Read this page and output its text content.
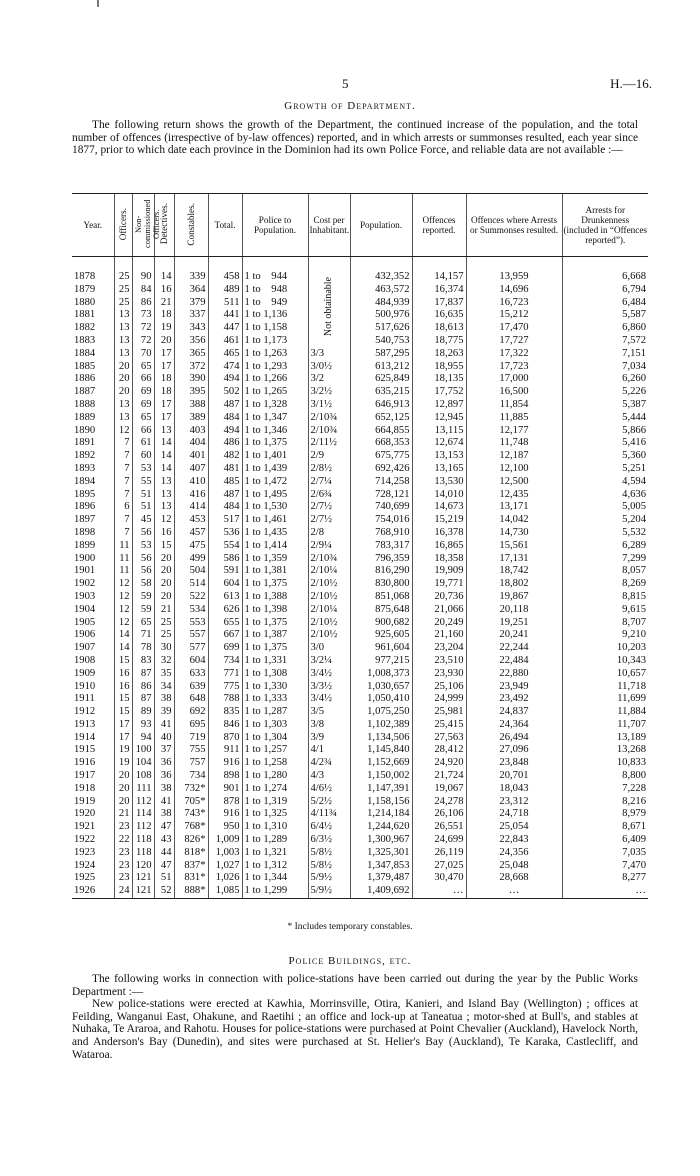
5	H.—16.
Growth of Department.

The following return shows the growth of the Department, the continued increase of the population, and the total number of offences (irrespective of by-law offences) reported, and in which arrests or summonses resulted, each year since 1877, prior to which date each province in the Dominion had its own Police Force, and reliable data are not available :—

Year.	Officers.	Non-commissioned Officers.	Detectives.	Constables.	Total.	Police to Population.	Cost per Inhabitant.	Population.	Offences reported.	Offences where Arrests or Summonses resulted.	Arrests for Drunkenness (included in “Offences reported”).

1878	25	90	14	339	458	1 to    944	Not obtainable	432,352	14,157	13,959	6,668
1879	25	84	16	364	489	1 to    948		463,572	16,374	14,696	6,794
1880	25	86	21	379	511	1 to    949		484,939	17,837	16,723	6,484
1881	13	73	18	337	441	1 to 1,136		500,976	16,635	15,212	5,587
1882	13	72	19	343	447	1 to 1,158		517,626	18,613	17,470	6,860
1883	13	72	20	356	461	1 to 1,173		540,753	18,775	17,727	7,572
1884	13	70	17	365	465	1 to 1,263	3/3	587,295	18,263	17,322	7,151
1885	20	65	17	372	474	1 to 1,293	3/0½	613,212	18,955	17,723	7,034
1886	20	66	18	390	494	1 to 1,266	3/2	625,849	18,135	17,000	6,260
1887	20	69	18	395	502	1 to 1,265	3/2½	635,215	17,752	16,500	5,226
1888	13	69	17	388	487	1 to 1,328	3/1½	646,913	12,897	11,854	5,387
1889	13	65	17	389	484	1 to 1,347	2/10¾	652,125	12,945	11,885	5,444
1890	12	66	13	403	494	1 to 1,346	2/10¾	664,855	13,115	12,177	5,866
1891	7	61	14	404	486	1 to 1,375	2/11½	668,353	12,674	11,748	5,416
1892	7	60	14	401	482	1 to 1,401	2/9	675,775	13,153	12,187	5,360
1893	7	53	14	407	481	1 to 1,439	2/8½	692,426	13,165	12,100	5,251
1894	7	55	13	410	485	1 to 1,472	2/7¼	714,258	13,530	12,500	4,594
1895	7	51	13	416	487	1 to 1,495	2/6¾	728,121	14,010	12,435	4,636
1896	6	51	13	414	484	1 to 1,530	2/7½	740,699	14,673	13,171	5,005
1897	7	45	12	453	517	1 to 1,461	2/7½	754,016	15,219	14,042	5,204
1898	7	56	16	457	536	1 to 1,435	2/8	768,910	16,378	14,730	5,532
1899	11	53	15	475	554	1 to 1,414	2/9¼	783,317	16,865	15,561	6,289
1900	11	56	20	499	586	1 to 1,359	2/10¾	796,359	18,358	17,131	7,299
1901	11	56	20	504	591	1 to 1,381	2/10¼	816,290	19,909	18,742	8,057
1902	12	58	20	514	604	1 to 1,375	2/10½	830,800	19,771	18,802	8,269
1903	12	59	20	522	613	1 to 1,388	2/10½	851,068	20,736	19,867	8,815
1904	12	59	21	534	626	1 to 1,398	2/10¼	875,648	21,066	20,118	9,615
1905	12	65	25	553	655	1 to 1,375	2/10½	900,682	20,249	19,251	8,707
1906	14	71	25	557	667	1 to 1,387	2/10½	925,605	21,160	20,241	9,210
1907	14	78	30	577	699	1 to 1,375	3/0	961,604	23,204	22,244	10,203
1908	15	83	32	604	734	1 to 1,331	3/2¼	977,215	23,510	22,484	10,343
1909	16	87	35	633	771	1 to 1,308	3/4½	1,008,373	23,930	22,880	10,657
1910	16	86	34	639	775	1 to 1,330	3/3½	1,030,657	25,106	23,949	11,718
1911	15	87	38	648	788	1 to 1,333	3/4½	1,050,410	24,999	23,492	11,699
1912	15	89	39	692	835	1 to 1,287	3/5	1,075,250	25,981	24,837	11,884
1913	17	93	41	695	846	1 to 1,303	3/8	1,102,389	25,415	24,364	11,707
1914	17	94	40	719	870	1 to 1,304	3/9	1,134,506	27,563	26,494	13,189
1915	19	100	37	755	911	1 to 1,257	4/1	1,145,840	28,412	27,096	13,268
1916	19	104	36	757	916	1 to 1,258	4/2¾	1,152,669	24,920	23,848	10,833
1917	20	108	36	734	898	1 to 1,280	4/3	1,150,002	21,724	20,701	8,800
1918	20	111	38	732*	901	1 to 1,274	4/6½	1,147,391	19,067	18,043	7,228
1919	20	112	41	705*	878	1 to 1,319	5/2½	1,158,156	24,278	23,312	8,216
1920	21	114	38	743*	916	1 to 1,325	4/11¾	1,214,184	26,106	24,718	8,979
1921	23	112	47	768*	950	1 to 1,310	6/4½	1,244,620	26,551	25,054	8,671
1922	22	118	43	826*	1,009	1 to 1,289	6/3½	1,300,967	24,699	22,843	6,409
1923	23	118	44	818*	1,003	1 to 1,321	5/8½	1,325,301	26,119	24,356	7,035
1924	23	120	47	837*	1,027	1 to 1,312	5/8½	1,347,853	27,025	25,048	7,470
1925	23	121	51	831*	1,026	1 to 1,344	5/9½	1,379,487	30,470	28,668	8,277
1926	24	121	52	888*	1,085	1 to 1,299	5/9½	1,409,692	…	…	…
* Includes temporary constables.
Police Buildings, etc.

The following works in connection with police-stations have been carried out during the year by the Public Works Department :—

New police-stations were erected at Kawhia, Morrinsville, Otira, Kanieri, and Island Bay (Wellington) ; offices at Feilding, Wanganui East, Ohakune, and Raetihi ; an office and lock-up at Taneatua ; motor-shed at Bull's, and stables at Nuhaka, Te Araroa, and Rahotu. Houses for police-stations were purchased at Point Chevalier (Auckland), Havelock North, and Anderson's Bay (Dunedin), and sites were purchased at St. Helier's Bay (Auckland), Te Karaka, Castlecliff, and Wataroa.
